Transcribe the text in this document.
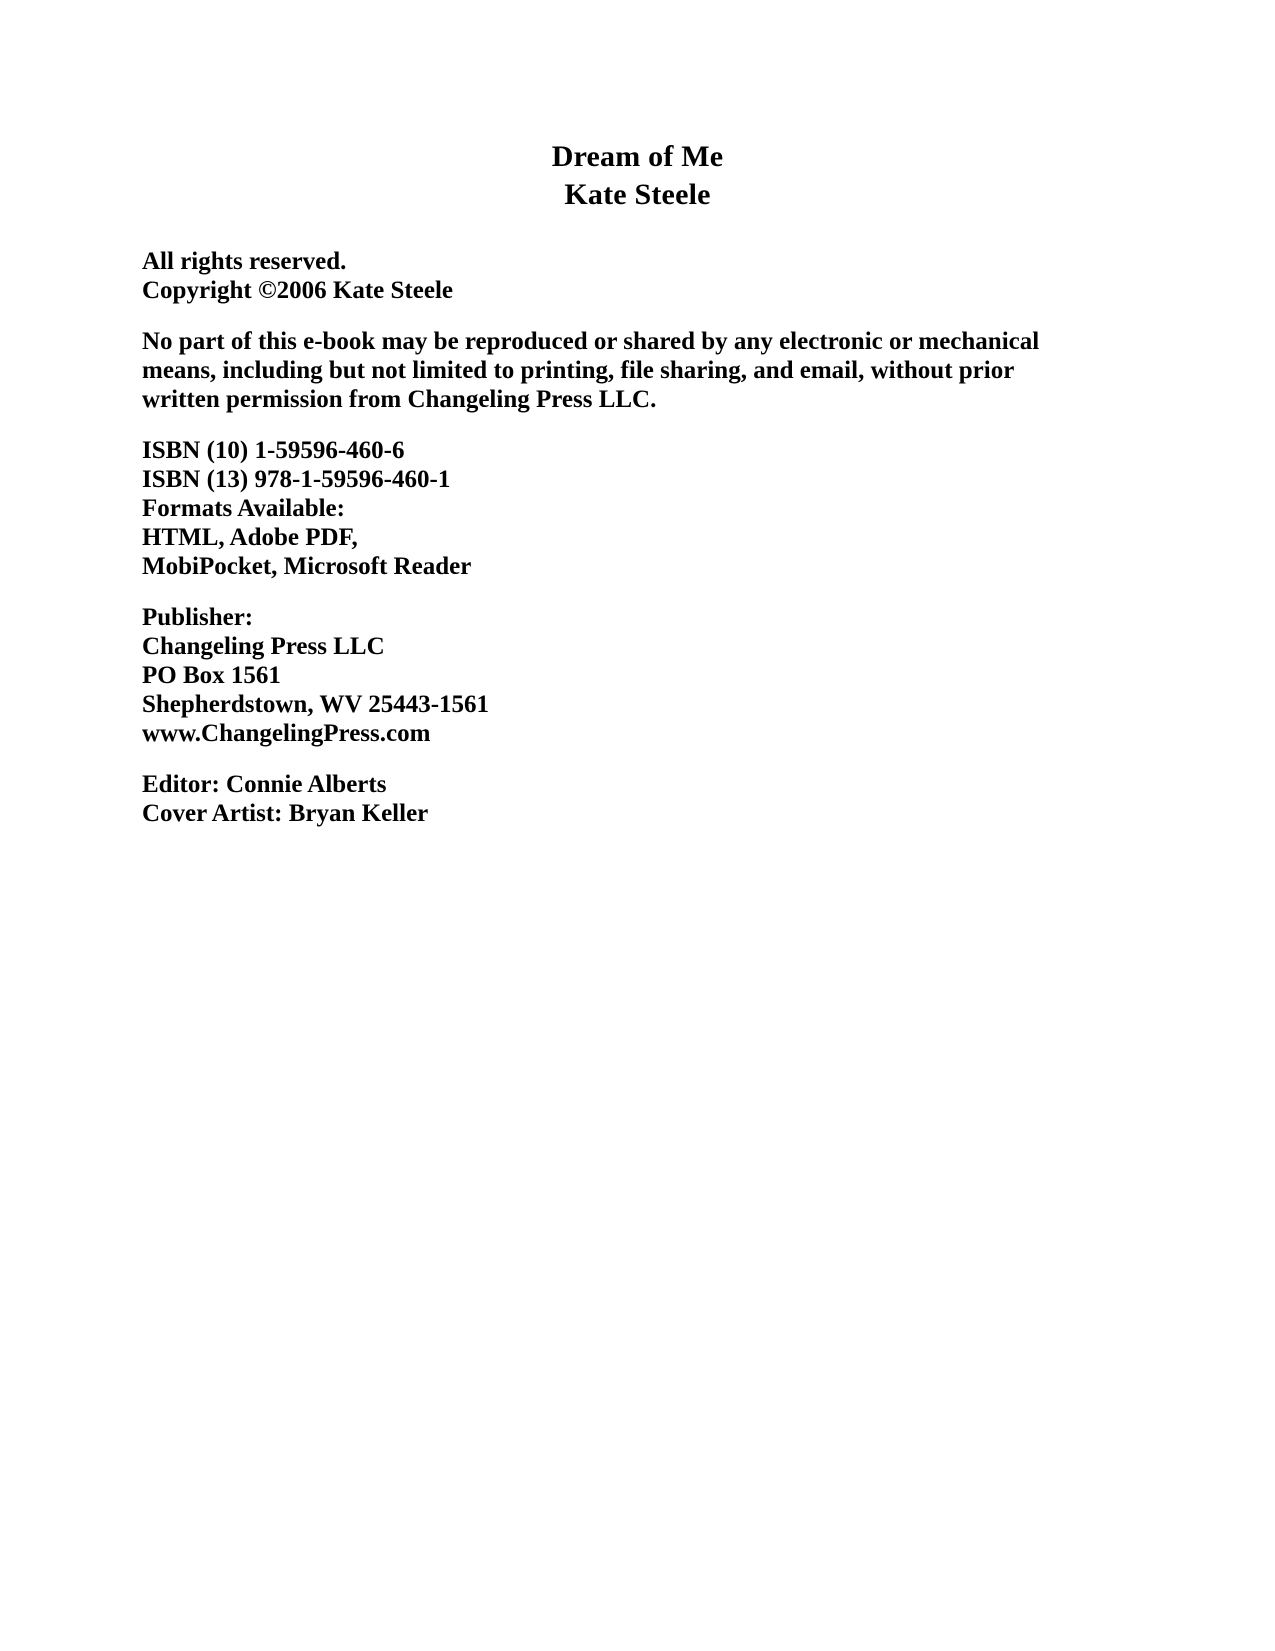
Dream of Me
Kate Steele
All rights reserved.
Copyright ©2006 Kate Steele
No part of this e-book may be reproduced or shared by any electronic or mechanical means, including but not limited to printing, file sharing, and email, without prior written permission from Changeling Press LLC.
ISBN (10) 1-59596-460-6
ISBN (13) 978-1-59596-460-1
Formats Available:
HTML, Adobe PDF,
MobiPocket, Microsoft Reader
Publisher:
Changeling Press LLC
PO Box 1561
Shepherdstown, WV 25443-1561
www.ChangelingPress.com
Editor: Connie Alberts
Cover Artist: Bryan Keller
